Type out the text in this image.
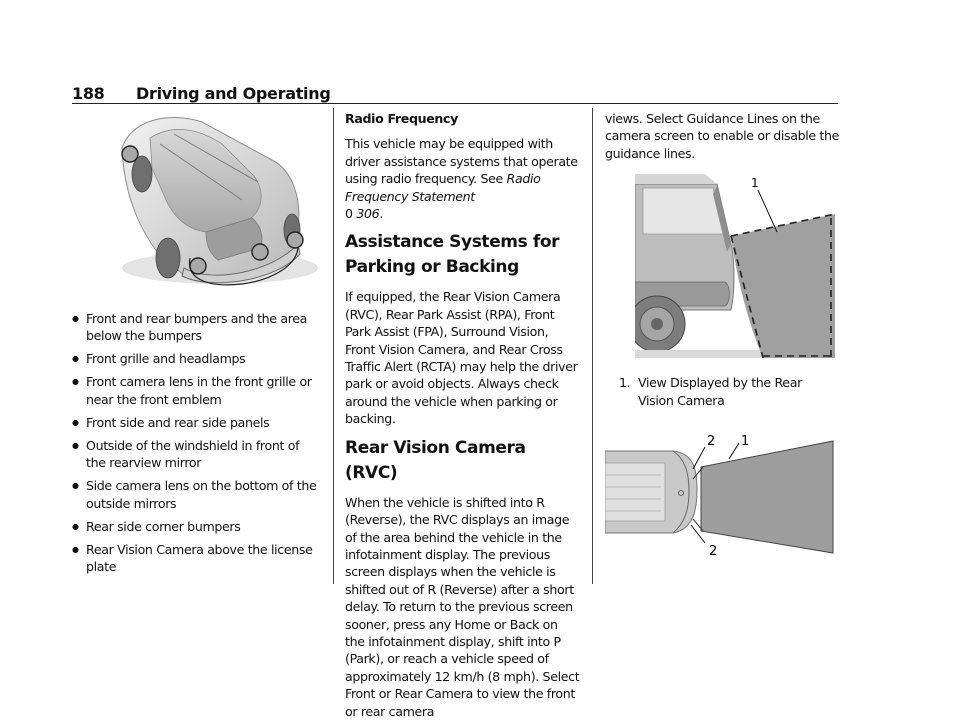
188 Driving and Operating
● Front and rear bumpers and the area below the bumpers
● Front grille and headlamps
● Front camera lens in the front grille or near the front emblem
● Front side and rear side panels
● Outside of the windshield in front of the rearview mirror
● Side camera lens on the bottom of the outside mirrors
● Rear side corner bumpers
● Rear Vision Camera above the license plate
Radio Frequency

This vehicle may be equipped with driver assistance systems that operate using radio frequency. See Radio Frequency Statement
0 306.

Assistance Systems for Parking or Backing

If equipped, the Rear Vision Camera (RVC), Rear Park Assist (RPA), Front Park Assist (FPA), Surround Vision, Front Vision Camera, and Rear Cross Traffic Alert (RCTA) may help the driver park or avoid objects. Always check around the vehicle when parking or backing.

Rear Vision Camera (RVC)

When the vehicle is shifted into R (Reverse), the RVC displays an image of the area behind the vehicle in the infotainment display. The previous screen displays when the vehicle is shifted out of R (Reverse) after a short delay. To return to the previous screen sooner, press any Home or Back on the infotainment display, shift into P (Park), or reach a vehicle speed of approximately 12 km/h (8 mph). Select Front or Rear Camera to view the front or rear camera

views. Select Guidance Lines on the camera screen to enable or disable the guidance lines.

1
1. View Displayed by the Rear Vision Camera
2 1
2
